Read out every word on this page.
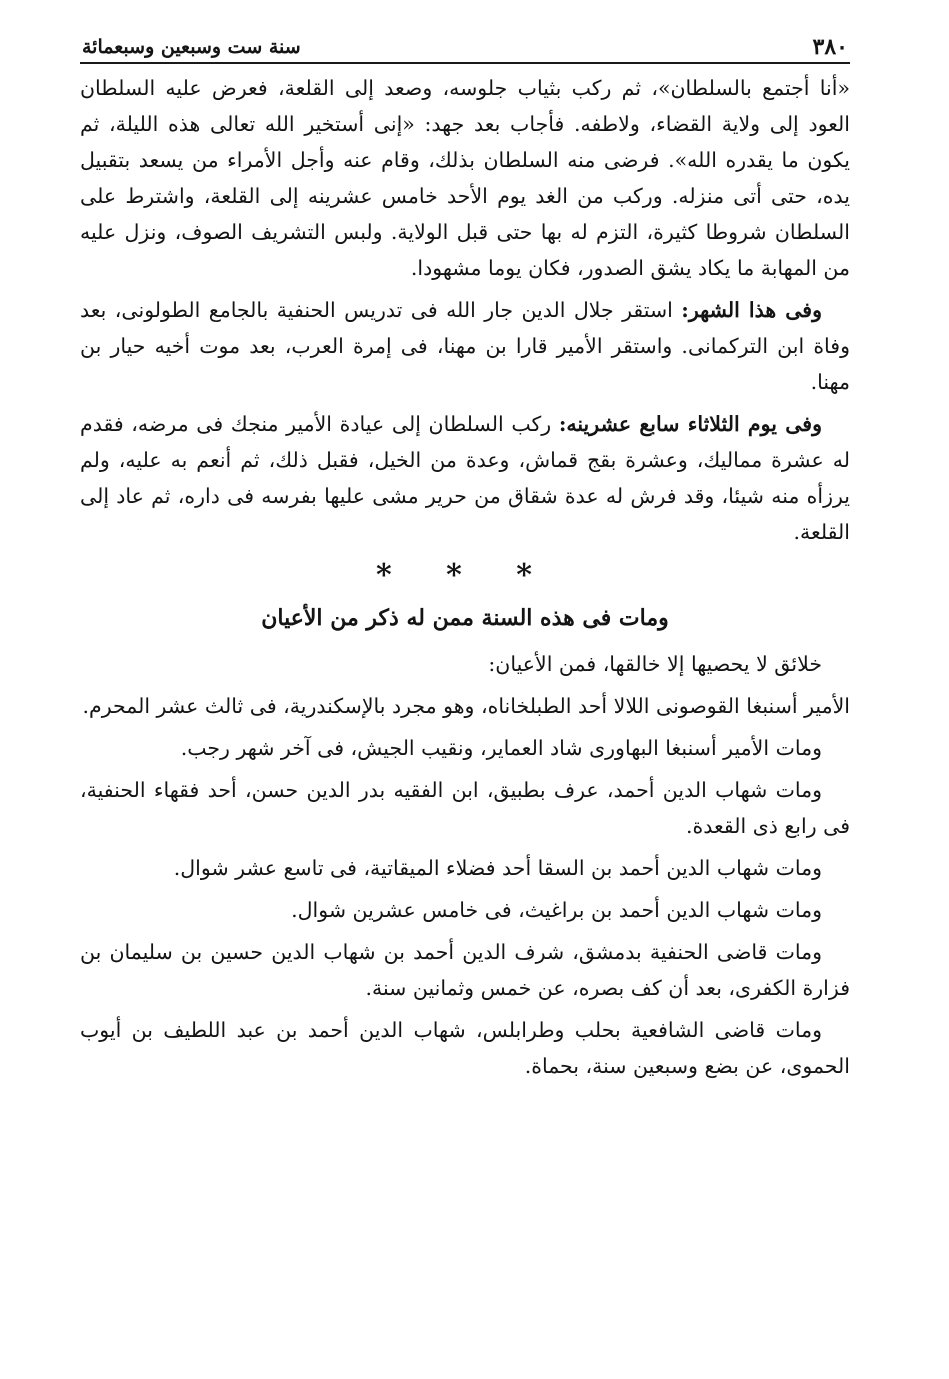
٣٨٠
سنة ست وسبعين وسبعمائة

«أنا أجتمع بالسلطان»، ثم ركب بثياب جلوسه، وصعد إلى القلعة، فعرض عليه السلطان العود إلى ولاية القضاء، ولاطفه. فأجاب بعد جهد: «إنى أستخير الله تعالى هذه الليلة، ثم يكون ما يقدره الله». فرضى منه السلطان بذلك، وقام عنه وأجل الأمراء من يسعد بتقبيل يده، حتى أتى منزله. وركب من الغد يوم الأحد خامس عشرينه إلى القلعة، واشترط على السلطان شروطا كثيرة، التزم له بها حتى قبل الولاية. ولبس التشريف الصوف، ونزل عليه من المهابة ما يكاد يشق الصدور، فكان يوما مشهودا.

وفى هذا الشهر: استقر جلال الدين جار الله فى تدريس الحنفية بالجامع الطولونى، بعد وفاة ابن التركمانى. واستقر الأمير قارا بن مهنا، فى إمرة العرب، بعد موت أخيه حيار بن مهنا.

وفى يوم الثلاثاء سابع عشرينه: ركب السلطان إلى عيادة الأمير منجك فى مرضه، فقدم له عشرة مماليك، وعشرة بقج قماش، وعدة من الخيل، فقبل ذلك، ثم أنعم به عليه، ولم يرزأه منه شيئا، وقد فرش له عدة شقاق من حرير مشى عليها بفرسه فى داره، ثم عاد إلى القلعة.

* * *
ومات فى هذه السنة ممن له ذكر من الأعيان

خلائق لا يحصيها إلا خالقها، فمن الأعيان:

الأمير أسنبغا القوصونى اللالا أحد الطبلخاناه، وهو مجرد بالإسكندرية، فى ثالث عشر المحرم.

ومات الأمير أسنبغا البهاورى شاد العماير، ونقيب الجيش، فى آخر شهر رجب.

ومات شهاب الدين أحمد، عرف بطبيق، ابن الفقيه بدر الدين حسن، أحد فقهاء الحنفية، فى رابع ذى القعدة.

ومات شهاب الدين أحمد بن السقا أحد فضلاء الميقاتية، فى تاسع عشر شوال.

ومات شهاب الدين أحمد بن براغيث، فى خامس عشرين شوال.

ومات قاضى الحنفية بدمشق، شرف الدين أحمد بن شهاب الدين حسين بن سليمان بن فزارة الكفرى، بعد أن كف بصره، عن خمس وثمانين سنة.

ومات قاضى الشافعية بحلب وطرابلس، شهاب الدين أحمد بن عبد اللطيف بن أيوب الحموى، عن بضع وسبعين سنة، بحماة.
